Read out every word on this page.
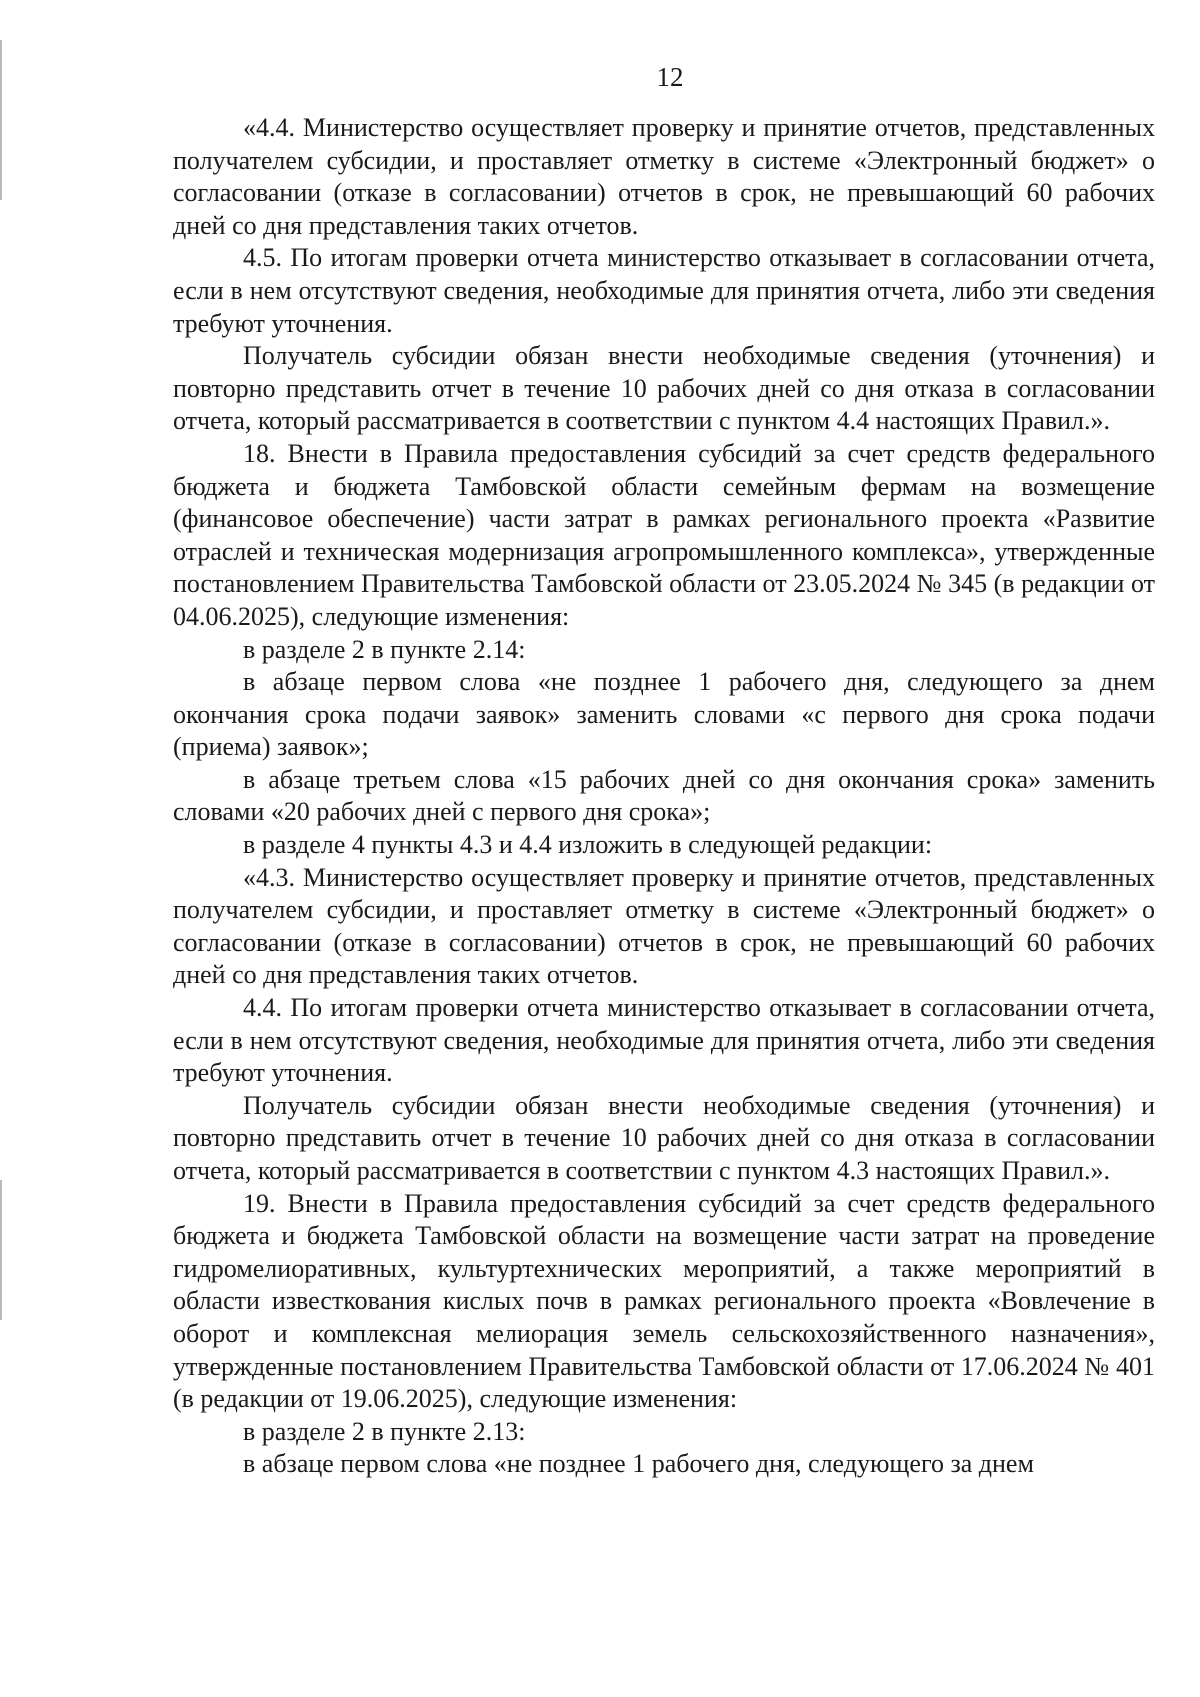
12

«4.4. Министерство осуществляет проверку и принятие отчетов, представленных получателем субсидии, и проставляет отметку в системе «Электронный бюджет» о согласовании (отказе в согласовании) отчетов в срок, не превышающий 60 рабочих дней со дня представления таких отчетов.

4.5. По итогам проверки отчета министерство отказывает в согласовании отчета, если в нем отсутствуют сведения, необходимые для принятия отчета, либо эти сведения требуют уточнения.

Получатель субсидии обязан внести необходимые сведения (уточнения) и повторно представить отчет в течение 10 рабочих дней со дня отказа в согласовании отчета, который рассматривается в соответствии с пунктом 4.4 настоящих Правил.».

18. Внести в Правила предоставления субсидий за счет средств федерального бюджета и бюджета Тамбовской области семейным фермам на возмещение (финансовое обеспечение) части затрат в рамках регионального проекта «Развитие отраслей и техническая модернизация агропромышленного комплекса», утвержденные постановлением Правительства Тамбовской области от 23.05.2024 № 345 (в редакции от 04.06.2025), следующие изменения:

в разделе 2 в пункте 2.14:

в абзаце первом слова «не позднее 1 рабочего дня, следующего за днем окончания срока подачи заявок» заменить словами «с первого дня срока подачи (приема) заявок»;

в абзаце третьем слова «15 рабочих дней со дня окончания срока» заменить словами «20 рабочих дней с первого дня срока»;

в разделе 4 пункты 4.3 и 4.4 изложить в следующей редакции:

«4.3. Министерство осуществляет проверку и принятие отчетов, представленных получателем субсидии, и проставляет отметку в системе «Электронный бюджет» о согласовании (отказе в согласовании) отчетов в срок, не превышающий 60 рабочих дней со дня представления таких отчетов.

4.4. По итогам проверки отчета министерство отказывает в согласовании отчета, если в нем отсутствуют сведения, необходимые для принятия отчета, либо эти сведения требуют уточнения.

Получатель субсидии обязан внести необходимые сведения (уточнения) и повторно представить отчет в течение 10 рабочих дней со дня отказа в согласовании отчета, который рассматривается в соответствии с пунктом 4.3 настоящих Правил.».

19. Внести в Правила предоставления субсидий за счет средств федерального бюджета и бюджета Тамбовской области на возмещение части затрат на проведение гидромелиоративных, культуртехнических мероприятий, а также мероприятий в области известкования кислых почв в рамках регионального проекта «Вовлечение в оборот и комплексная мелиорация земель сельскохозяйственного назначения», утвержденные постановлением Правительства Тамбовской области от 17.06.2024 № 401 (в редакции от 19.06.2025), следующие изменения:

в разделе 2 в пункте 2.13:

в абзаце первом слова «не позднее 1 рабочего дня, следующего за днем
